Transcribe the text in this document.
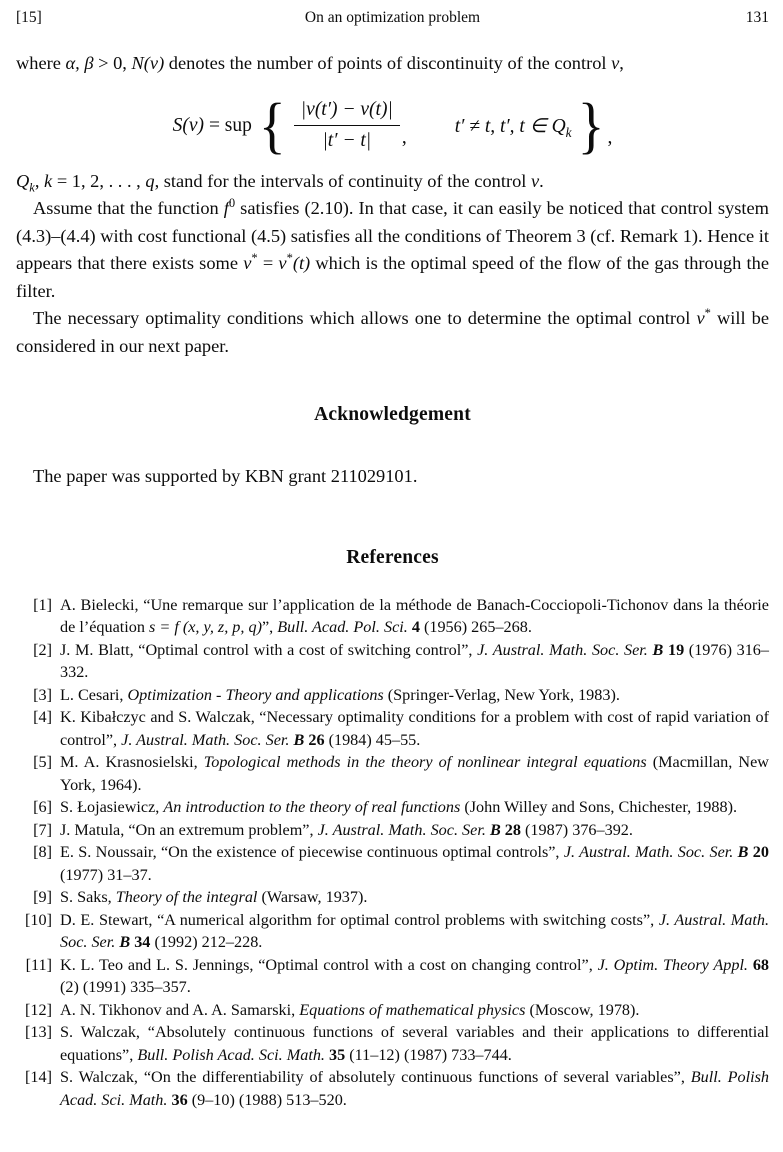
[15]	On an optimization problem	131

where α, β > 0, N(v) denotes the number of points of discontinuity of the control v,

S(v) = sup { $\frac{|v(t') - v(t)|}{|t' - t|}$ ,
t′ ≠ t, t′, t ∈ $Q_k$ } ,

$Q_k$, k = 1, 2, . . . , q, stand for the intervals of continuity of the control v.

Assume that the function $f^0$ satisfies (2.10). In that case, it can easily be noticed that control system (4.3)–(4.4) with cost functional (4.5) satisfies all the conditions of Theorem 3 (cf. Remark 1). Hence it appears that there exists some v* = v*(t) which is the optimal speed of the flow of the gas through the filter.

The necessary optimality conditions which allows one to determine the optimal control v* will be considered in our next paper.

Acknowledgement

The paper was supported by KBN grant 211029101.

References
[1] A. Bielecki, “Une remarque sur l’application de la méthode de Banach-Cocciopoli-Tichonov dans la théorie de l’équation s = f (x, y, z, p, q)”, Bull. Acad. Pol. Sci. 4 (1956) 265–268.
[2] J. M. Blatt, “Optimal control with a cost of switching control”, J. Austral. Math. Soc. Ser. B 19 (1976) 316–332.
[3] L. Cesari, Optimization - Theory and applications (Springer-Verlag, New York, 1983).
[4] K. Kibałczyc and S. Walczak, “Necessary optimality conditions for a problem with cost of rapid variation of control”, J. Austral. Math. Soc. Ser. B 26 (1984) 45–55.
[5] M. A. Krasnosielski, Topological methods in the theory of nonlinear integral equations (Macmillan, New York, 1964).
[6] S. Łojasiewicz, An introduction to the theory of real functions (John Willey and Sons, Chichester, 1988).
[7] J. Matula, “On an extremum problem”, J. Austral. Math. Soc. Ser. B 28 (1987) 376–392.
[8] E. S. Noussair, “On the existence of piecewise continuous optimal controls”, J. Austral. Math. Soc. Ser. B 20 (1977) 31–37.
[9] S. Saks, Theory of the integral (Warsaw, 1937).
[10] D. E. Stewart, “A numerical algorithm for optimal control problems with switching costs”, J. Austral. Math. Soc. Ser. B 34 (1992) 212–228.
[11] K. L. Teo and L. S. Jennings, “Optimal control with a cost on changing control”, J. Optim. Theory Appl. 68 (2) (1991) 335–357.
[12] A. N. Tikhonov and A. A. Samarski, Equations of mathematical physics (Moscow, 1978).
[13] S. Walczak, “Absolutely continuous functions of several variables and their applications to differential equations”, Bull. Polish Acad. Sci. Math. 35 (11–12) (1987) 733–744.
[14] S. Walczak, “On the differentiability of absolutely continuous functions of several variables”, Bull. Polish Acad. Sci. Math. 36 (9–10) (1988) 513–520.
